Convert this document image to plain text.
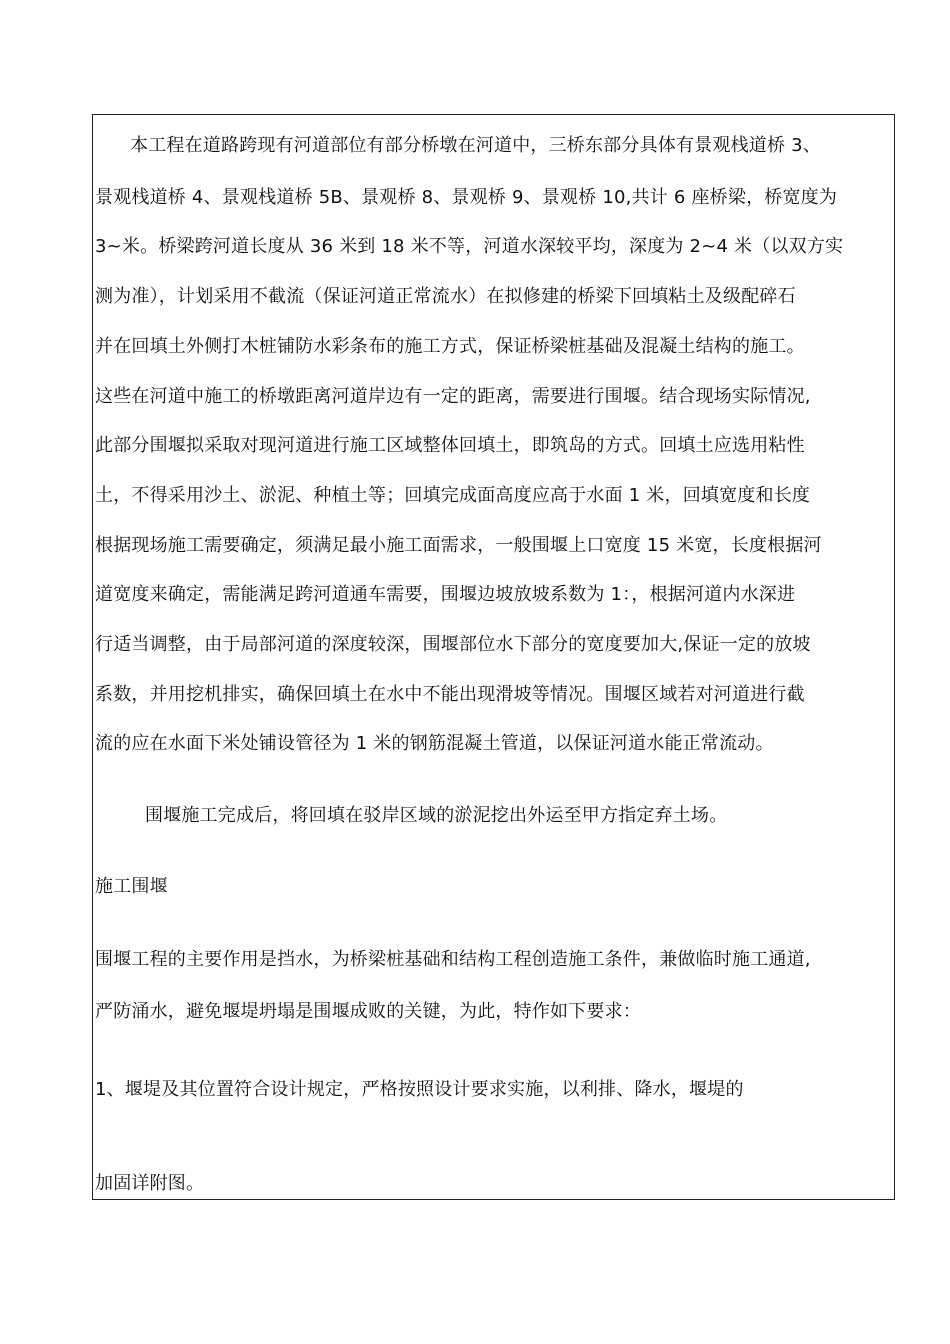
本工程在道路跨现有河道部位有部分桥墩在河道中，三桥东部分具体有景观栈道桥 3、
景观栈道桥 4、景观栈道桥 5B、景观桥 8、景观桥 9、景观桥 10,共计 6 座桥梁，桥宽度为
3~米。桥梁跨河道长度从 36 米到 18 米不等，河道水深较平均，深度为 2~4 米（以双方实
测为准），计划采用不截流（保证河道正常流水）在拟修建的桥梁下回填粘土及级配碎石
并在回填土外侧打木桩铺防水彩条布的施工方式，保证桥梁桩基础及混凝土结构的施工。
这些在河道中施工的桥墩距离河道岸边有一定的距离，需要进行围堰。结合现场实际情况,
此部分围堰拟采取对现河道进行施工区域整体回填土，即筑岛的方式。回填土应选用粘性
土，不得采用沙土、淤泥、种植土等；回填完成面高度应高于水面 1 米，回填宽度和长度
根据现场施工需要确定，须满足最小施工面需求，一般围堰上口宽度 15 米宽，长度根据河
道宽度来确定，需能满足跨河道通车需要，围堰边坡放坡系数为 1：，根据河道内水深进
行适当调整，由于局部河道的深度较深，围堰部位水下部分的宽度要加大,保证一定的放坡
系数，并用挖机排实，确保回填土在水中不能出现滑坡等情况。围堰区域若对河道进行截
流的应在水面下米处铺设管径为 1 米的钢筋混凝土管道，以保证河道水能正常流动。
围堰施工完成后，将回填在驳岸区域的淤泥挖出外运至甲方指定弃土场。
施工围堰
围堰工程的主要作用是挡水，为桥梁桩基础和结构工程创造施工条件，兼做临时施工通道,
严防涌水，避免堰堤坍塌是围堰成败的关键，为此，特作如下要求：
1、堰堤及其位置符合设计规定，严格按照设计要求实施，以利排、降水，堰堤的
加固详附图。
